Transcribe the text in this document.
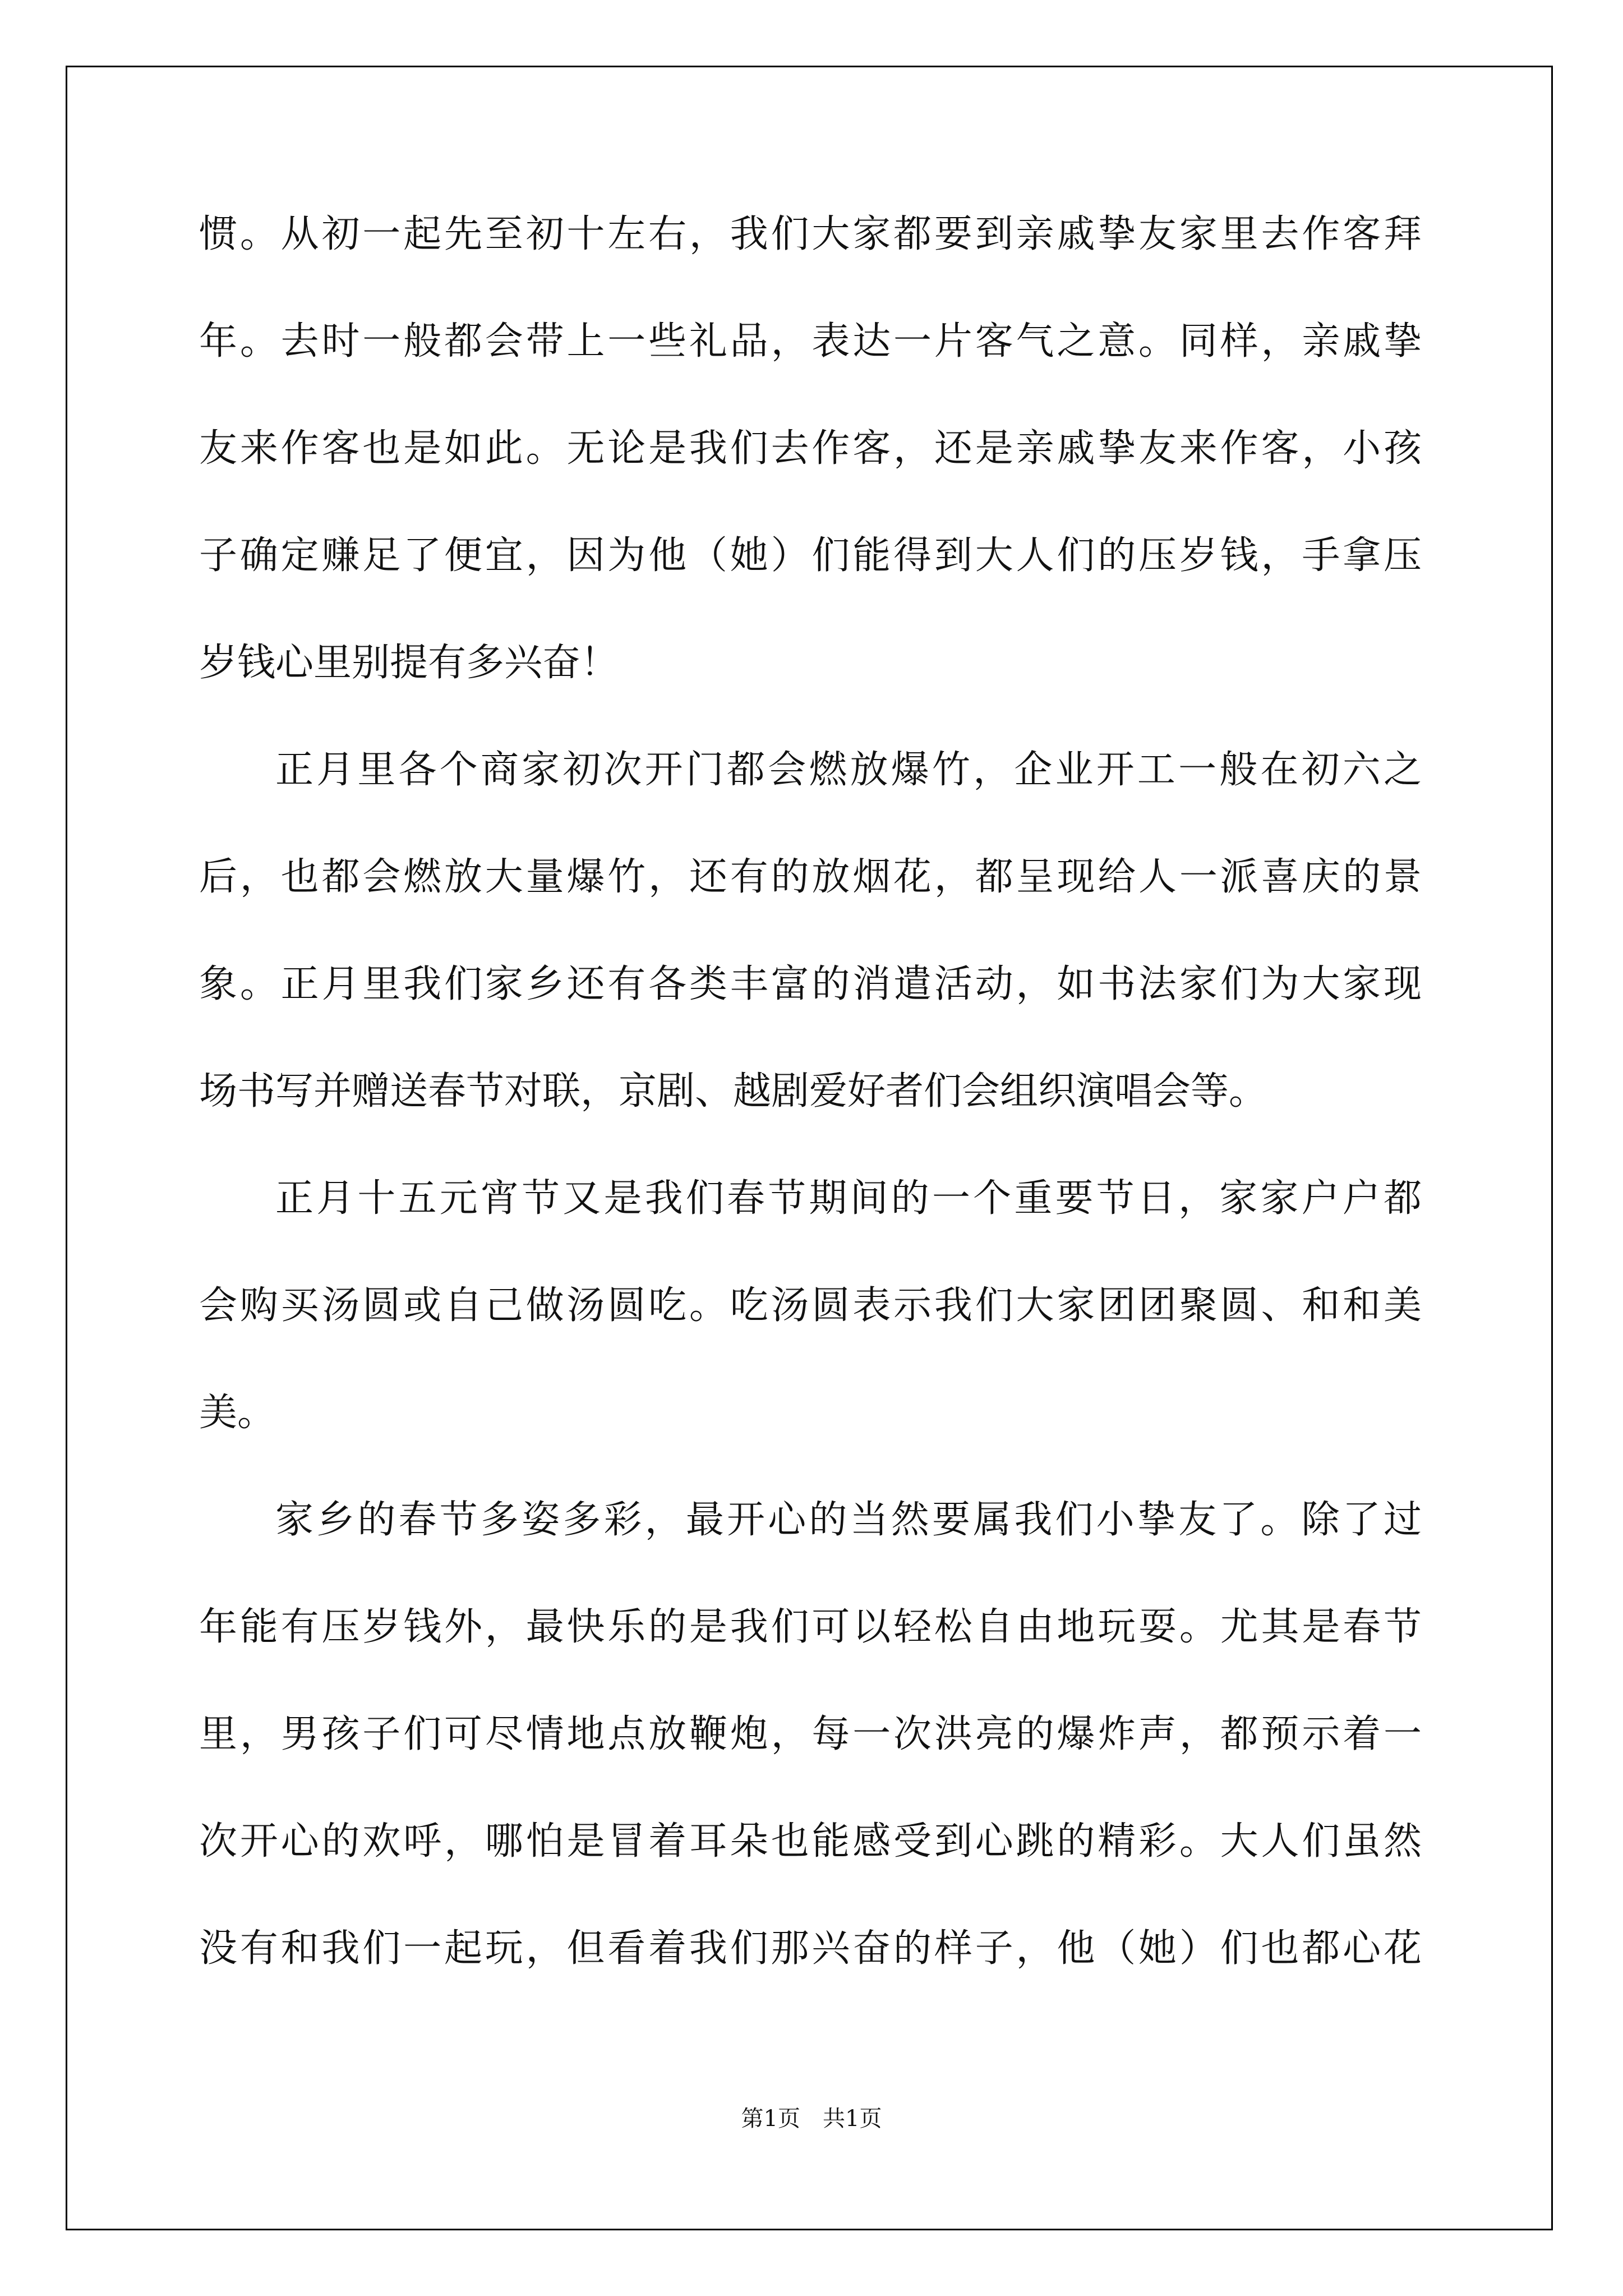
惯。从初一起先至初十左右，我们大家都要到亲戚挚友家里去作客拜
年。去时一般都会带上一些礼品，表达一片客气之意。同样，亲戚挚
友来作客也是如此。无论是我们去作客，还是亲戚挚友来作客，小孩
子确定赚足了便宜，因为他（她）们能得到大人们的压岁钱，手拿压
岁钱心里别提有多兴奋！
正月里各个商家初次开门都会燃放爆竹，企业开工一般在初六之
后，也都会燃放大量爆竹，还有的放烟花，都呈现给人一派喜庆的景
象。正月里我们家乡还有各类丰富的消遣活动，如书法家们为大家现
场书写并赠送春节对联，京剧、越剧爱好者们会组织演唱会等。
正月十五元宵节又是我们春节期间的一个重要节日，家家户户都
会购买汤圆或自己做汤圆吃。吃汤圆表示我们大家团团聚圆、和和美
美。
家乡的春节多姿多彩，最开心的当然要属我们小挚友了。除了过
年能有压岁钱外，最快乐的是我们可以轻松自由地玩耍。尤其是春节
里，男孩子们可尽情地点放鞭炮，每一次洪亮的爆炸声，都预示着一
次开心的欢呼，哪怕是冒着耳朵也能感受到心跳的精彩。大人们虽然
没有和我们一起玩，但看着我们那兴奋的样子，他（她）们也都心花
第1页　共1页
